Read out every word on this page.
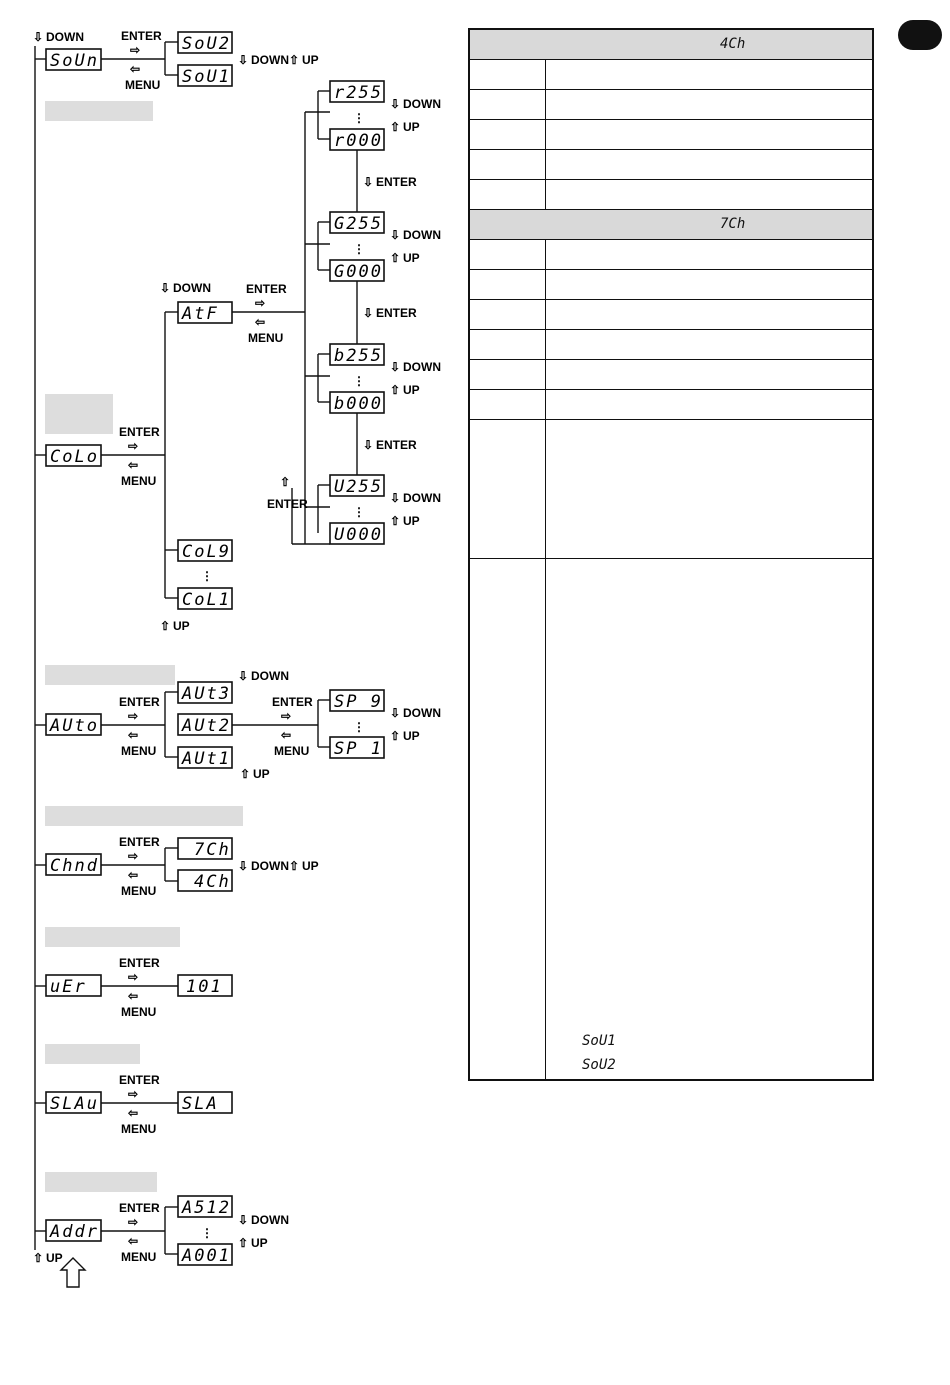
⇩ DOWN
⇧ UP
SoUn
ENTER
⇨
⇦
MENU
SoU2
SoU1
⇩ DOWN ⇧ UP
CoLo
ENTER
⇨
⇦
MENU
⇩ DOWN
⇧ UP
AtF
CoL9
⋮
CoL1
ENTER
⇨
⇦
MENU
⇧
ENTER
r255
⋮
r000
⇩ DOWN
⇧ UP
⇩ ENTER
G255
⋮
G000
⇩ DOWN
⇧ UP
⇩ ENTER
b255
⋮
b000
⇩ DOWN
⇧ UP
⇩ ENTER
U255
⋮
U000
⇩ DOWN
⇧ UP
AUto
ENTER
⇨
⇦
MENU
AUt3
AUt2
AUt1
⇩ DOWN
⇧ UP
ENTER
⇨
⇦
MENU
SP 9
⋮
SP 1
⇩ DOWN
⇧ UP
Chnd
ENTER
⇨
⇦
MENU
7Ch
4Ch
⇩ DOWN ⇧ UP
uEr
ENTER
⇨
⇦
MENU
101
SLAu
ENTER
⇨
⇦
MENU
SLA
Addr
ENTER
⇨
⇦
MENU
A512
⋮
A001
⇩ DOWN
⇧ UP
4Ch
7Ch
SoU1
SoU2
